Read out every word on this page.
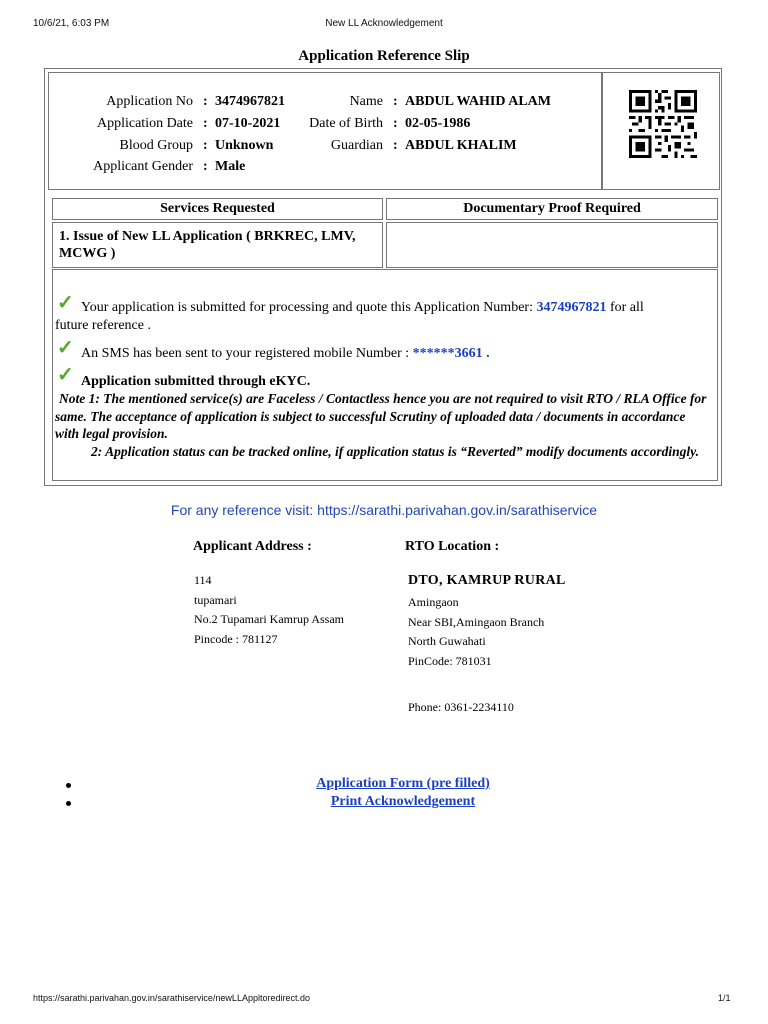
10/6/21, 6:03 PM	New LL Acknowledgement
Application Reference Slip
Application No : 3474967821	Name : ABDUL WAHID ALAM
Application Date : 07-10-2021	Date of Birth : 02-05-1986
Blood Group : Unknown	Guardian : ABDUL KHALIM
Applicant Gender : Male
Services Requested	Documentary Proof Required
1. Issue of New LL Application ( BRKREC, LMV, MCWG )
✓ Your application is submitted for processing and quote this Application Number: 3474967821 for all
future reference .
✓ An SMS has been sent to your registered mobile Number : ******3661 .
✓ Application submitted through eKYC.
Note 1: The mentioned service(s) are Faceless / Contactless hence you are not required to visit RTO / RLA Office for same. The acceptance of application is subject to successful Scrutiny of uploaded data / documents in accordance with legal provision.
2: Application status can be tracked online, if application status is “Reverted” modify documents accordingly.
For any reference visit: https://sarathi.parivahan.gov.in/sarathiservice
Applicant Address :
114
tupamari
No.2 Tupamari Kamrup Assam
Pincode : 781127
RTO Location :
DTO, KAMRUP RURAL
Amingaon
Near SBI,Amingaon Branch
North Guwahati
PinCode: 781031
Phone: 0361-2234110
Application Form (pre filled)
Print Acknowledgement
https://sarathi.parivahan.gov.in/sarathiservice/newLLAppltoredirect.do	1/1
